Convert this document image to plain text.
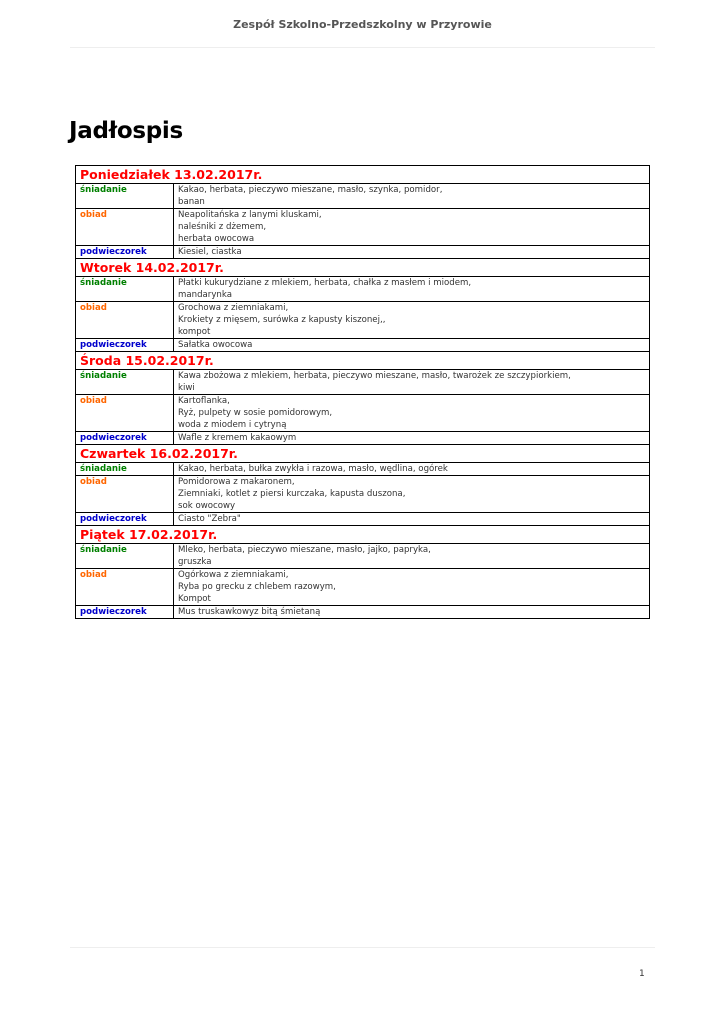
Zespół Szkolno-Przedszkolny w Przyrowie
Jadłospis
Poniedziałek 13.02.2017r.	
śniadanie	Kakao, herbata, pieczywo mieszane, masło, szynka, pomidor,
banan

obiad	Neapolitańska z lanymi kluskami,
naleśniki z dżemem,
herbata owocowa

podwieczorek	Kiesiel, ciastka

Wtorek 14.02.2017r.	
śniadanie	Płatki kukurydziane z mlekiem, herbata, chałka z masłem i miodem,
mandarynka

obiad	Grochowa z ziemniakami,
Krokiety z mięsem, surówka z kapusty kiszonej,,
kompot

podwieczorek	Sałatka owocowa

Środa 15.02.2017r.	
śniadanie	Kawa zbożowa z mlekiem, herbata, pieczywo mieszane, masło, twarożek ze szczypiorkiem,
kiwi

obiad	Kartoflanka,
Ryż, pulpety w sosie pomidorowym,
woda z miodem i cytryną

podwieczorek	Wafle z kremem kakaowym

Czwartek 16.02.2017r.	
śniadanie	Kakao, herbata, bułka zwykła i razowa, masło, wędlina, ogórek

obiad	Pomidorowa z makaronem,
Ziemniaki, kotlet z piersi kurczaka, kapusta duszona,
sok owocowy

podwieczorek	Ciasto "Zebra"

Piątek 17.02.2017r.	
śniadanie	Mleko, herbata, pieczywo mieszane, masło, jajko, papryka,
gruszka

obiad	Ogórkowa z ziemniakami,
Ryba po grecku z chlebem razowym,
Kompot

podwieczorek	Mus truskawkowyz bitą śmietaną
1
